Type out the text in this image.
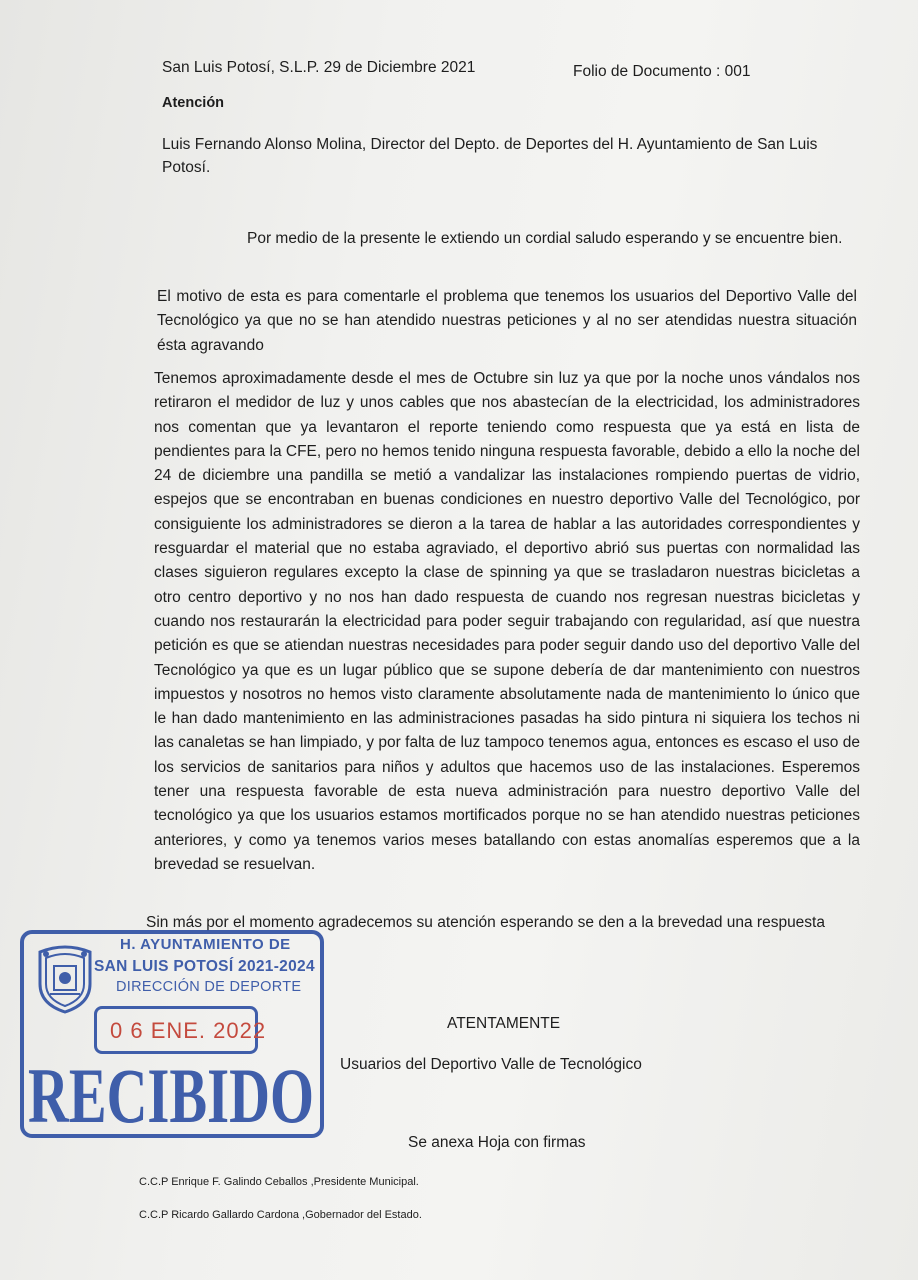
San Luis Potosí, S.L.P. 29 de Diciembre 2021	Folio de Documento : 001
Atención
Luis Fernando Alonso Molina, Director del Depto. de Deportes del H. Ayuntamiento de San Luis Potosí.
Por medio de la presente le extiendo un cordial saludo esperando y se encuentre bien.
El motivo de esta es para comentarle el problema que tenemos los usuarios del Deportivo Valle del Tecnológico ya que no se han atendido nuestras peticiones y al no ser atendidas nuestra situación ésta agravando
Tenemos aproximadamente desde el mes de Octubre sin luz ya que por la noche unos vándalos nos retiraron el medidor de luz y unos cables que nos abastecían de la electricidad, los administradores nos comentan que ya levantaron el reporte teniendo como respuesta que ya está en lista de pendientes para la CFE, pero no hemos tenido ninguna respuesta favorable, debido a ello la noche del 24 de diciembre una pandilla se metió a vandalizar las instalaciones rompiendo puertas de vidrio, espejos que se encontraban en buenas condiciones en nuestro deportivo Valle del Tecnológico, por consiguiente los administradores se dieron a la tarea de hablar a las autoridades correspondientes y resguardar el material que no estaba agraviado, el deportivo abrió sus puertas con normalidad las clases siguieron regulares excepto la clase de spinning ya que se trasladaron nuestras bicicletas a otro centro deportivo y no nos han dado respuesta de cuando nos regresan nuestras bicicletas y cuando nos restaurarán la electricidad para poder seguir trabajando con regularidad, así que nuestra petición es que se atiendan nuestras necesidades para poder seguir dando uso del deportivo Valle del Tecnológico ya que es un lugar público que se supone debería de dar mantenimiento con nuestros impuestos y nosotros no hemos visto claramente absolutamente nada de mantenimiento lo único que le han dado mantenimiento en las administraciones pasadas ha sido pintura ni siquiera los techos ni las canaletas se han limpiado, y por falta de luz tampoco tenemos agua, entonces es escaso el uso de los servicios de sanitarios para niños y adultos que hacemos uso de las instalaciones. Esperemos tener una respuesta favorable de esta nueva administración para nuestro deportivo Valle del tecnológico ya que los usuarios estamos mortificados porque no se han atendido nuestras peticiones anteriores, y como ya tenemos varios meses batallando con estas anomalías esperemos que a la brevedad se resuelvan.
Sin más por el momento agradecemos su atención esperando se den a la brevedad una respuesta
ATENTAMENTE
Usuarios del Deportivo Valle de Tecnológico
Se anexa Hoja con firmas
C.C.P Enrique F. Galindo Ceballos ,Presidente Municipal.
C.C.P Ricardo Gallardo Cardona ,Gobernador del Estado.
H. AYUNTAMIENTO DE
SAN LUIS POTOSÍ 2021-2024
DIRECCIÓN DE DEPORTE
0 6 ENE. 2022
RECIBIDO
